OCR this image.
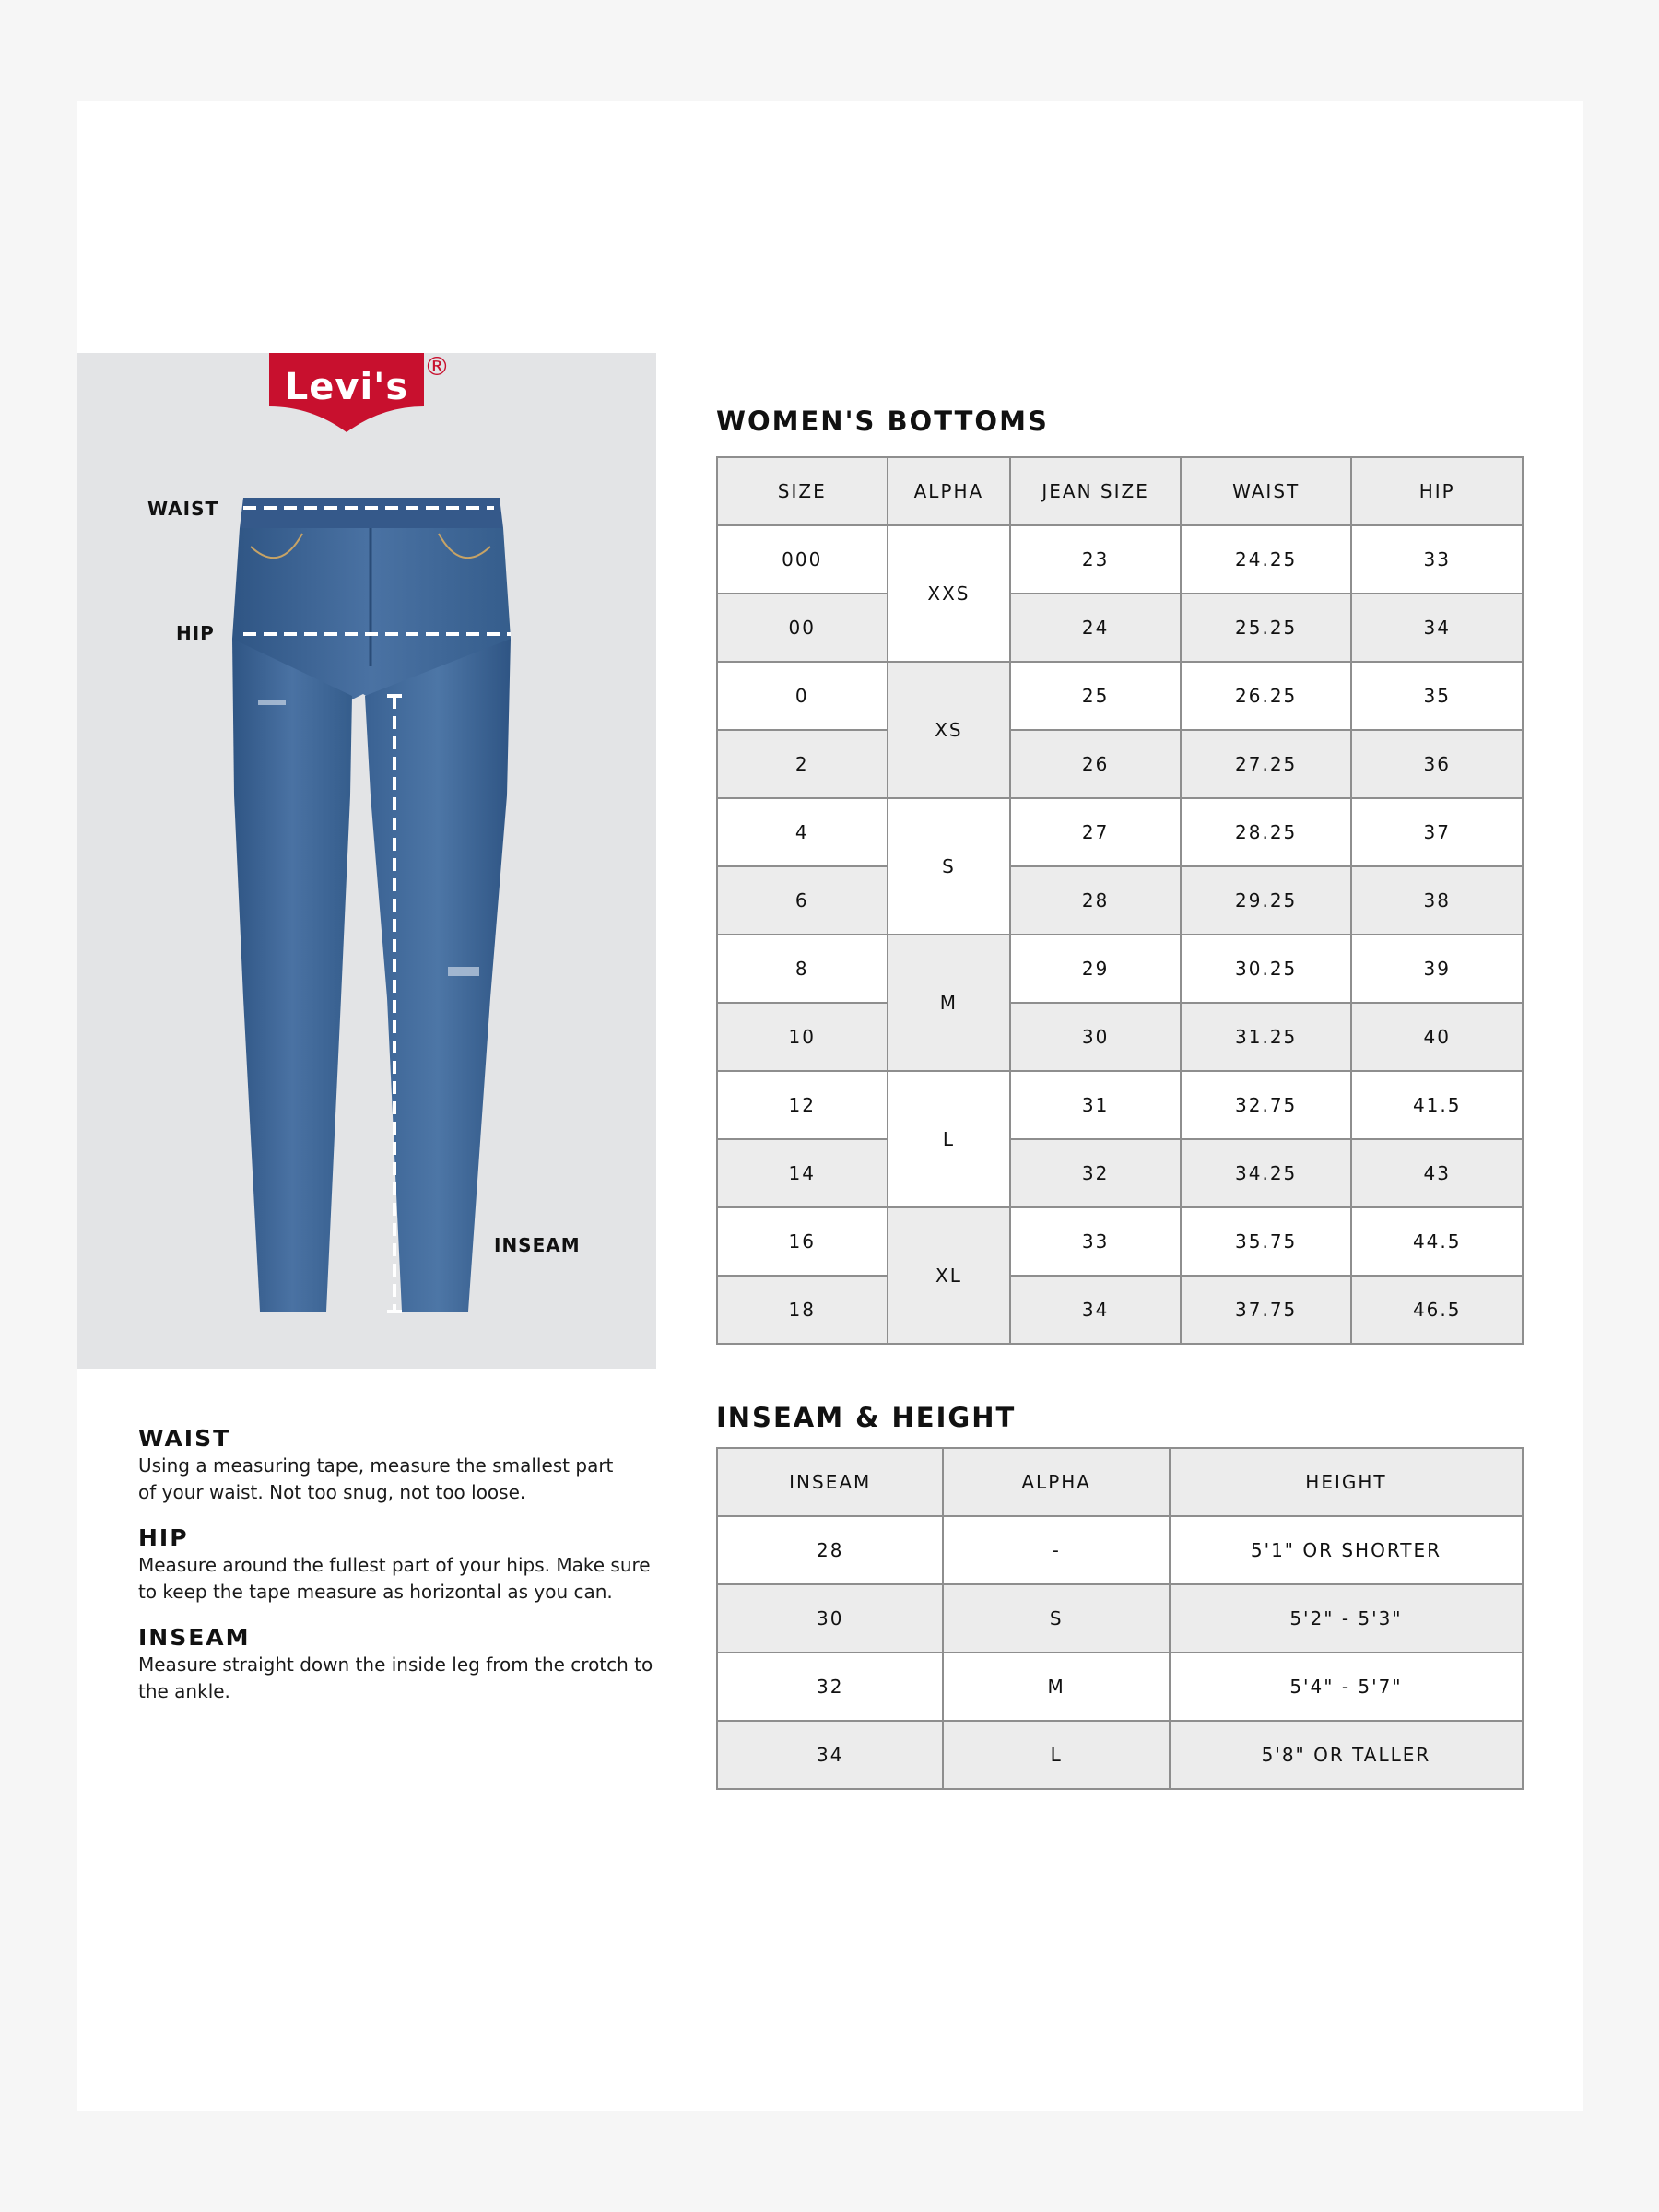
Levi's ®
WAIST
HIP
INSEAM
WAIST
Using a measuring tape, measure the smallest part
of your waist. Not too snug, not too loose.
HIP
Measure around the fullest part of your hips. Make sure
to keep the tape measure as horizontal as you can.
INSEAM
Measure straight down the inside leg from the crotch to
the ankle.
WOMEN'S BOTTOMS
SIZE	ALPHA	JEAN SIZE	WAIST	HIP
000	XXS	23	24.25	33
00		24	25.25	34
0	XS	25	26.25	35
2		26	27.25	36
4	S	27	28.25	37
6		28	29.25	38
8	M	29	30.25	39
10		30	31.25	40
12	L	31	32.75	41.5
14		32	34.25	43
16	XL	33	35.75	44.5
18		34	37.75	46.5
INSEAM & HEIGHT
INSEAM	ALPHA	HEIGHT
28	-	5'1" OR SHORTER
30	S	5'2" - 5'3"
32	M	5'4" - 5'7"
34	L	5'8" OR TALLER
